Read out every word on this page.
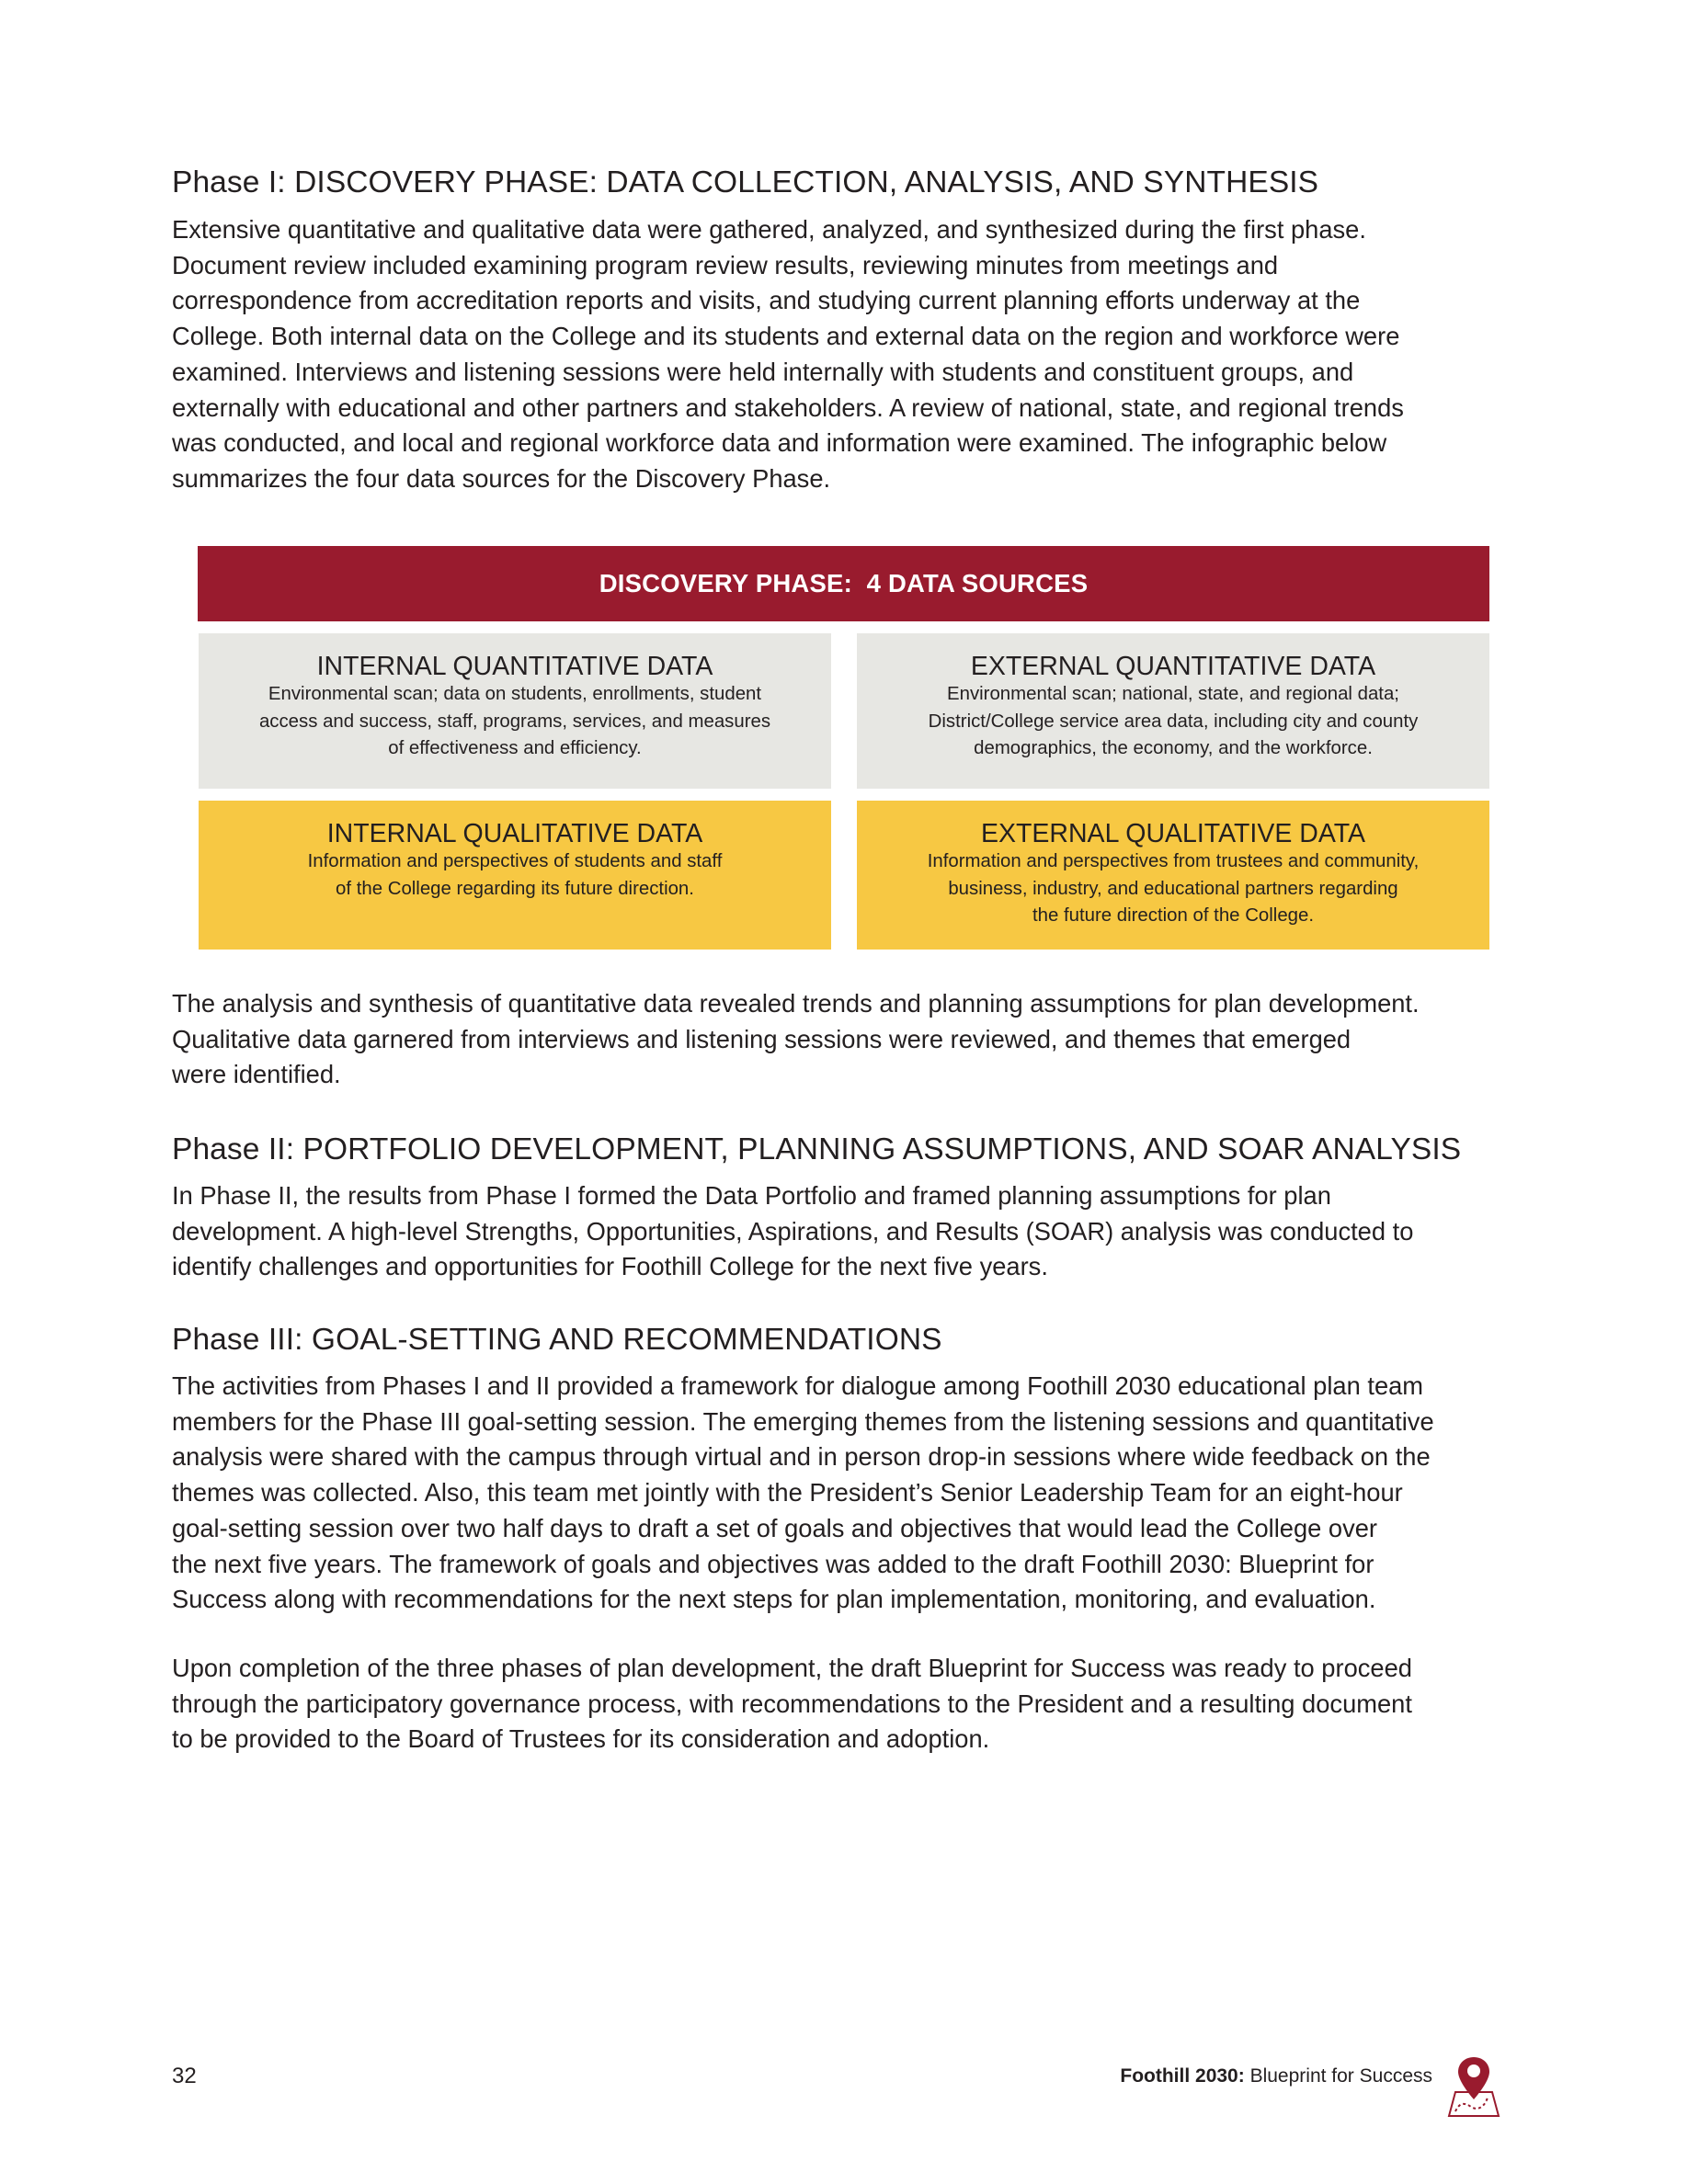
Phase I: DISCOVERY PHASE: DATA COLLECTION, ANALYSIS, AND SYNTHESIS

Extensive quantitative and qualitative data were gathered, analyzed, and synthesized during the first phase.
Document review included examining program review results, reviewing minutes from meetings and
correspondence from accreditation reports and visits, and studying current planning efforts underway at the
College. Both internal data on the College and its students and external data on the region and workforce were
examined. Interviews and listening sessions were held internally with students and constituent groups, and
externally with educational and other partners and stakeholders. A review of national, state, and regional trends
was conducted, and local and regional workforce data and information were examined. The infographic below
summarizes the four data sources for the Discovery Phase.

DISCOVERY PHASE:  4 DATA SOURCES
INTERNAL QUANTITATIVE DATA
Environmental scan; data on students, enrollments, student
access and success, staff, programs, services, and measures
of effectiveness and efficiency.
EXTERNAL QUANTITATIVE DATA
Environmental scan; national, state, and regional data;
District/College service area data, including city and county
demographics, the economy, and the workforce.
INTERNAL QUALITATIVE DATA
Information and perspectives of students and staff
of the College regarding its future direction.
EXTERNAL QUALITATIVE DATA
Information and perspectives from trustees and community,
business, industry, and educational partners regarding
the future direction of the College.

The analysis and synthesis of quantitative data revealed trends and planning assumptions for plan development.
Qualitative data garnered from interviews and listening sessions were reviewed, and themes that emerged
were identified.

Phase II: PORTFOLIO DEVELOPMENT, PLANNING ASSUMPTIONS, AND SOAR ANALYSIS

In Phase II, the results from Phase I formed the Data Portfolio and framed planning assumptions for plan
development. A high-level Strengths, Opportunities, Aspirations, and Results (SOAR) analysis was conducted to
identify challenges and opportunities for Foothill College for the next five years.

Phase III: GOAL-SETTING AND RECOMMENDATIONS

The activities from Phases I and II provided a framework for dialogue among Foothill 2030 educational plan team
members for the Phase III goal-setting session. The emerging themes from the listening sessions and quantitative
analysis were shared with the campus through virtual and in person drop-in sessions where wide feedback on the
themes was collected. Also, this team met jointly with the President’s Senior Leadership Team for an eight-hour
goal-setting session over two half days to draft a set of goals and objectives that would lead the College over
the next five years. The framework of goals and objectives was added to the draft Foothill 2030: Blueprint for
Success along with recommendations for the next steps for plan implementation, monitoring, and evaluation.

Upon completion of the three phases of plan development, the draft Blueprint for Success was ready to proceed
through the participatory governance process, with recommendations to the President and a resulting document
to be provided to the Board of Trustees for its consideration and adoption.

32	Foothill 2030: Blueprint for Success
